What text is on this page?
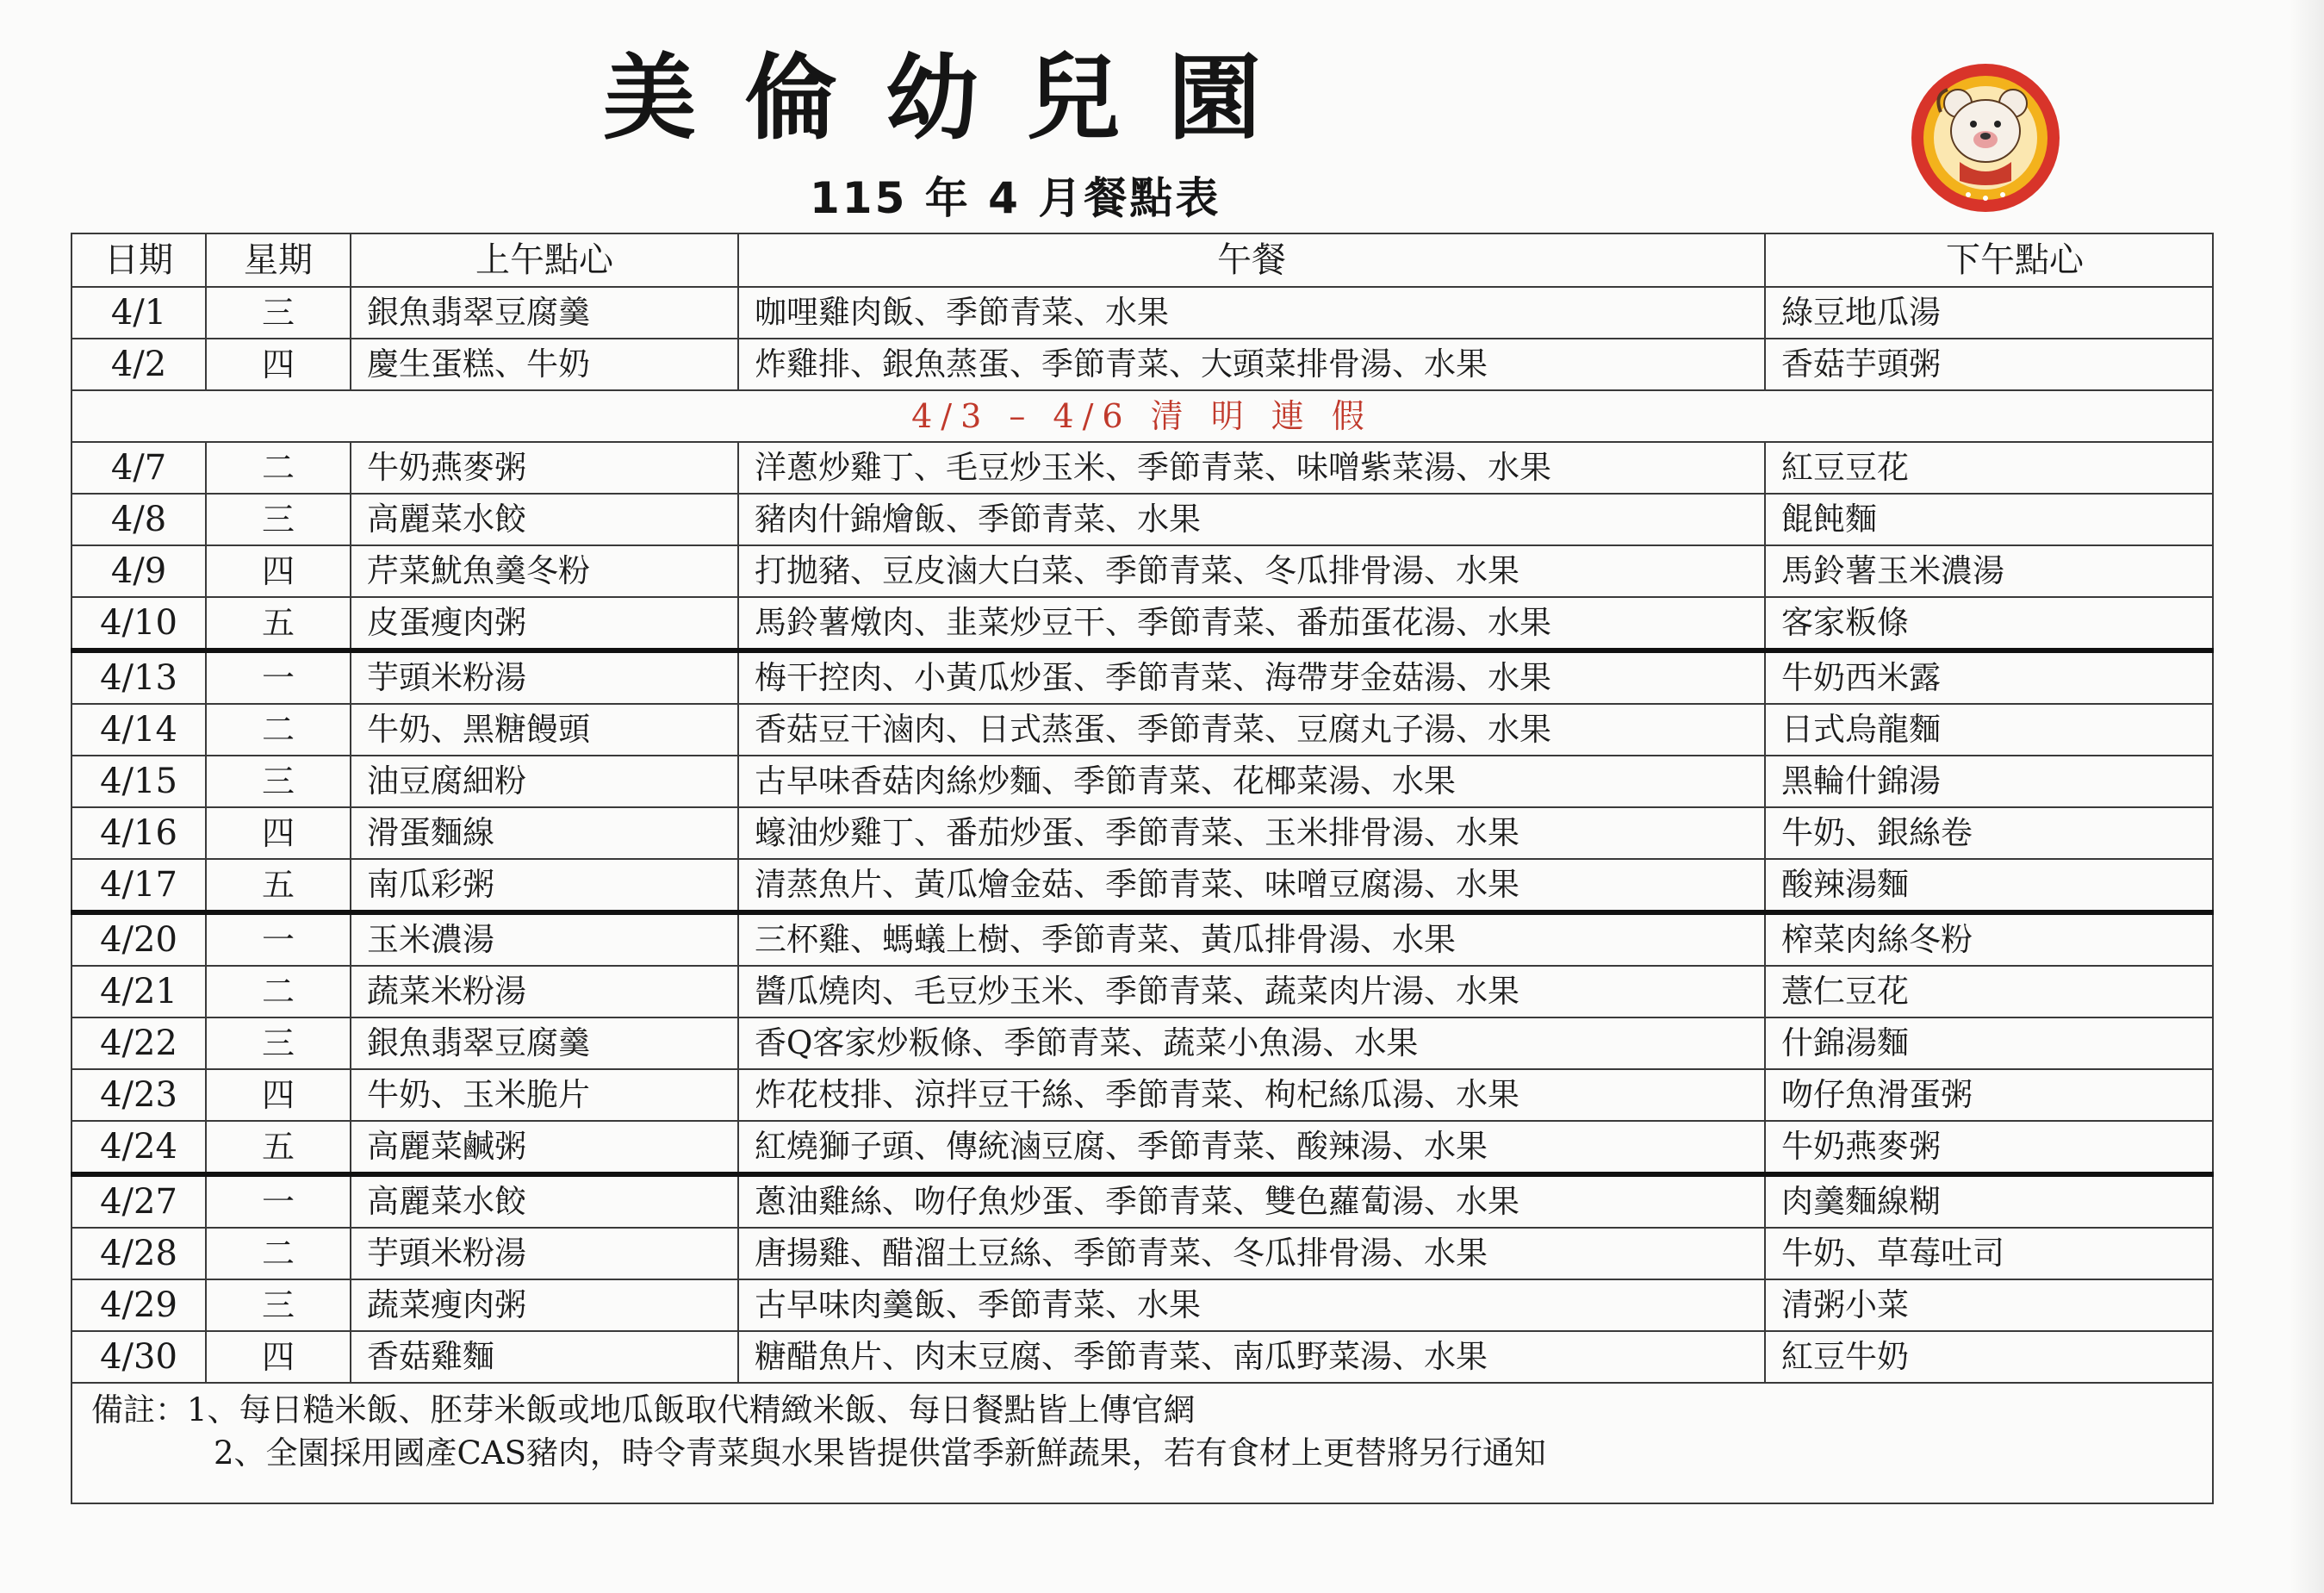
美倫幼兒園
115 年 4 月餐點表
日期	星期	上午點心	午餐	下午點心
4/1	三	銀魚翡翠豆腐羹	咖哩雞肉飯、季節青菜、水果	綠豆地瓜湯
4/2	四	慶生蛋糕、牛奶	炸雞排、銀魚蒸蛋、季節青菜、大頭菜排骨湯、水果	香菇芋頭粥
4/3 – 4/6 清 明 連 假				
4/7	二	牛奶燕麥粥	洋蔥炒雞丁、毛豆炒玉米、季節青菜、味噌紫菜湯、水果	紅豆豆花
4/8	三	高麗菜水餃	豬肉什錦燴飯、季節青菜、水果	餛飩麵
4/9	四	芹菜魷魚羹冬粉	打拋豬、豆皮滷大白菜、季節青菜、冬瓜排骨湯、水果	馬鈴薯玉米濃湯
4/10	五	皮蛋瘦肉粥	馬鈴薯燉肉、韭菜炒豆干、季節青菜、番茄蛋花湯、水果	客家粄條
4/13	一	芋頭米粉湯	梅干控肉、小黃瓜炒蛋、季節青菜、海帶芽金菇湯、水果	牛奶西米露
4/14	二	牛奶、黑糖饅頭	香菇豆干滷肉、日式蒸蛋、季節青菜、豆腐丸子湯、水果	日式烏龍麵
4/15	三	油豆腐細粉	古早味香菇肉絲炒麵、季節青菜、花椰菜湯、水果	黑輪什錦湯
4/16	四	滑蛋麵線	蠔油炒雞丁、番茄炒蛋、季節青菜、玉米排骨湯、水果	牛奶、銀絲卷
4/17	五	南瓜彩粥	清蒸魚片、黃瓜燴金菇、季節青菜、味噌豆腐湯、水果	酸辣湯麵
4/20	一	玉米濃湯	三杯雞、螞蟻上樹、季節青菜、黃瓜排骨湯、水果	榨菜肉絲冬粉
4/21	二	蔬菜米粉湯	醬瓜燒肉、毛豆炒玉米、季節青菜、蔬菜肉片湯、水果	薏仁豆花
4/22	三	銀魚翡翠豆腐羹	香Q客家炒粄條、季節青菜、蔬菜小魚湯、水果	什錦湯麵
4/23	四	牛奶、玉米脆片	炸花枝排、涼拌豆干絲、季節青菜、枸杞絲瓜湯、水果	吻仔魚滑蛋粥
4/24	五	高麗菜鹹粥	紅燒獅子頭、傳統滷豆腐、季節青菜、酸辣湯、水果	牛奶燕麥粥
4/27	一	高麗菜水餃	蔥油雞絲、吻仔魚炒蛋、季節青菜、雙色蘿蔔湯、水果	肉羹麵線糊
4/28	二	芋頭米粉湯	唐揚雞、醋溜土豆絲、季節青菜、冬瓜排骨湯、水果	牛奶、草莓吐司
4/29	三	蔬菜瘦肉粥	古早味肉羹飯、季節青菜、水果	清粥小菜
4/30	四	香菇雞麵	糖醋魚片、肉末豆腐、季節青菜、南瓜野菜湯、水果	紅豆牛奶
備註：1、每日糙米飯、胚芽米飯或地瓜飯取代精緻米飯、每日餐點皆上傳官網
2、全園採用國產CAS豬肉，時令青菜與水果皆提供當季新鮮蔬果，若有食材上更替將另行通知				
